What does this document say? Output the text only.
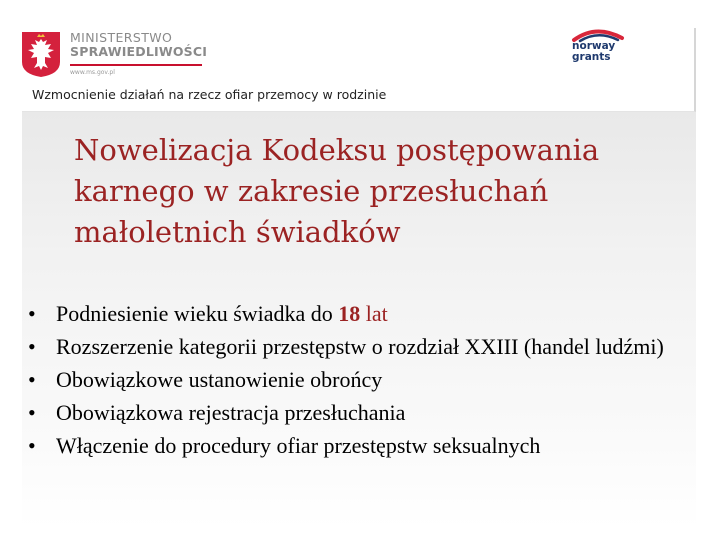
MINISTERSTWO
SPRAWIEDLIWOŚCI
www.ms.gov.pl
norway
grants
Wzmocnienie działań na rzecz ofiar przemocy w rodzinie
Nowelizacja Kodeksu postępowania karnego w zakresie przesłuchań małoletnich świadków
• Podniesienie wieku świadka do 18 lat
• Rozszerzenie kategorii przestępstw o rozdział XXIII (handel ludźmi)
• Obowiązkowe ustanowienie obrońcy
• Obowiązkowa rejestracja przesłuchania
• Włączenie do procedury ofiar przestępstw seksualnych
